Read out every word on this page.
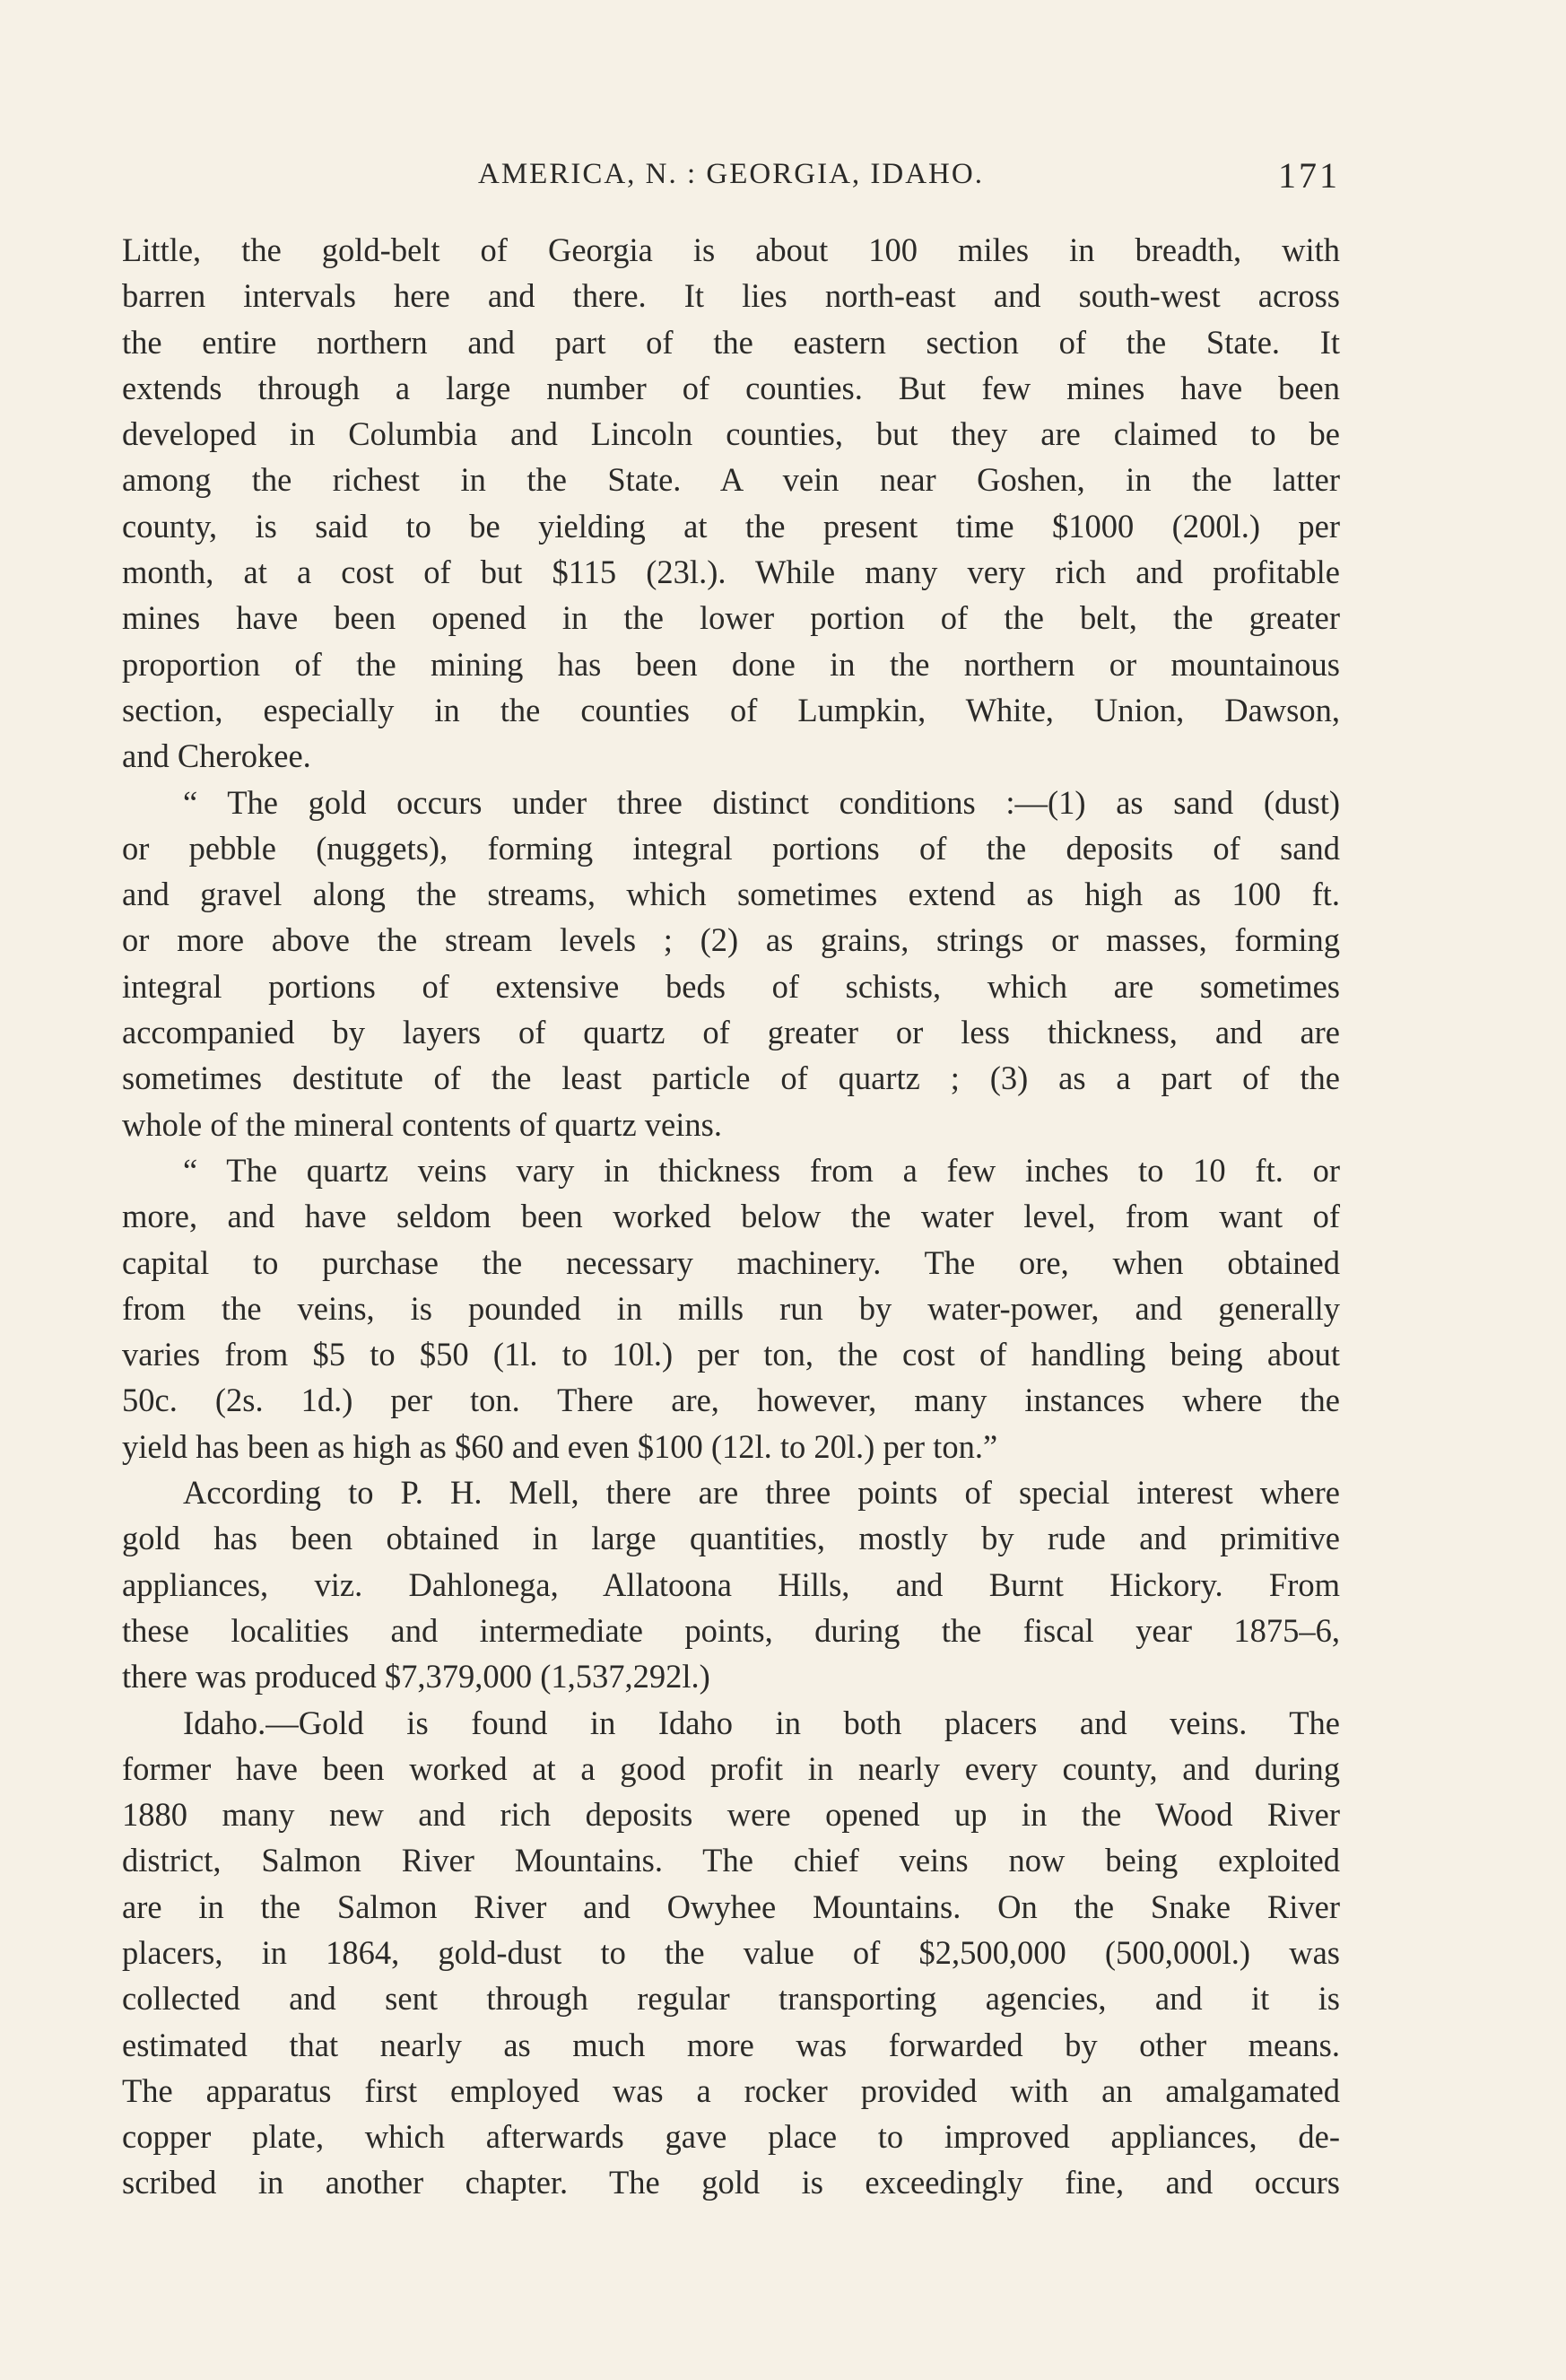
AMERICA, N. : GEORGIA, IDAHO.	171
Little, the gold-belt of Georgia is about 100 miles in breadth, with
barren intervals here and there. It lies north-east and south-west across
the entire northern and part of the eastern section of the State. It
extends through a large number of counties. But few mines have been
developed in Columbia and Lincoln counties, but they are claimed to be
among the richest in the State. A vein near Goshen, in the latter
county, is said to be yielding at the present time $1000 (200l.) per
month, at a cost of but $115 (23l.). While many very rich and profitable
mines have been opened in the lower portion of the belt, the greater
proportion of the mining has been done in the northern or mountainous
section, especially in the counties of Lumpkin, White, Union, Dawson,
and Cherokee.
“ The gold occurs under three distinct conditions :—(1) as sand (dust)
or pebble (nuggets), forming integral portions of the deposits of sand
and gravel along the streams, which sometimes extend as high as 100 ft.
or more above the stream levels ; (2) as grains, strings or masses, forming
integral portions of extensive beds of schists, which are sometimes
accompanied by layers of quartz of greater or less thickness, and are
sometimes destitute of the least particle of quartz ; (3) as a part of the
whole of the mineral contents of quartz veins.
“ The quartz veins vary in thickness from a few inches to 10 ft. or
more, and have seldom been worked below the water level, from want of
capital to purchase the necessary machinery. The ore, when obtained
from the veins, is pounded in mills run by water-power, and generally
varies from $5 to $50 (1l. to 10l.) per ton, the cost of handling being about
50c. (2s. 1d.) per ton. There are, however, many instances where the
yield has been as high as $60 and even $100 (12l. to 20l.) per ton.”
According to P. H. Mell, there are three points of special interest where
gold has been obtained in large quantities, mostly by rude and primitive
appliances, viz. Dahlonega, Allatoona Hills, and Burnt Hickory. From
these localities and intermediate points, during the fiscal year 1875–6,
there was produced $7,379,000 (1,537,292l.)
Idaho.—Gold is found in Idaho in both placers and veins. The
former have been worked at a good profit in nearly every county, and during
1880 many new and rich deposits were opened up in the Wood River
district, Salmon River Mountains. The chief veins now being exploited
are in the Salmon River and Owyhee Mountains. On the Snake River
placers, in 1864, gold-dust to the value of $2,500,000 (500,000l.) was
collected and sent through regular transporting agencies, and it is
estimated that nearly as much more was forwarded by other means.
The apparatus first employed was a rocker provided with an amalgamated
copper plate, which afterwards gave place to improved appliances, de-
scribed in another chapter. The gold is exceedingly fine, and occurs
